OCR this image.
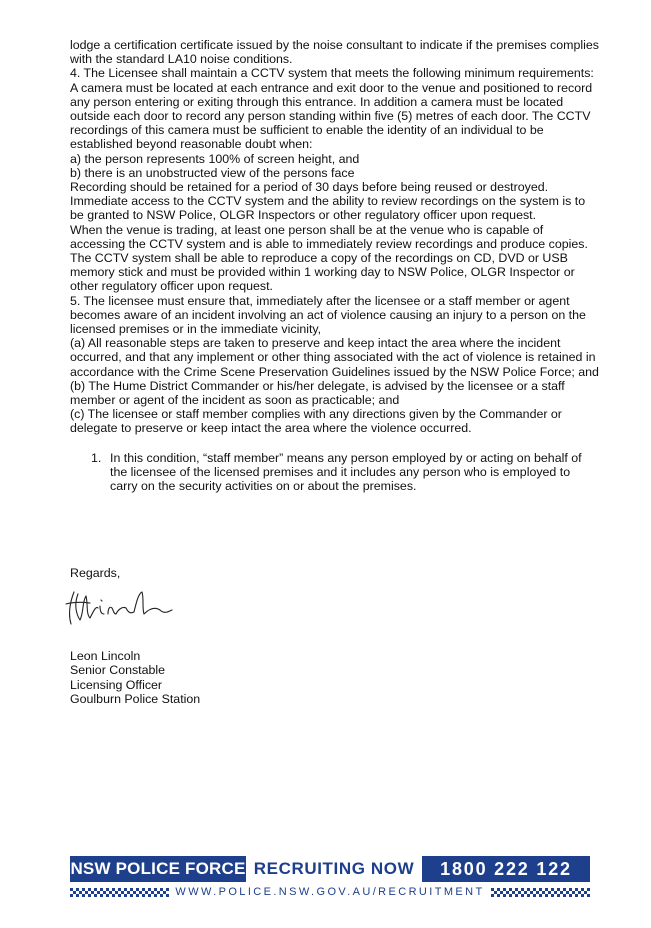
lodge a certification certificate issued by the noise consultant to indicate if the premises complies with the standard LA10 noise conditions.

4. The Licensee shall maintain a CCTV system that meets the following minimum requirements:

A camera must be located at each entrance and exit door to the venue and positioned to record any person entering or exiting through this entrance. In addition a camera must be located outside each door to record any person standing within five (5) metres of each door. The CCTV recordings of this camera must be sufficient to enable the identity of an individual to be established beyond reasonable doubt when:

a) the person represents 100% of screen height, and

b) there is an unobstructed view of the persons face

Recording should be retained for a period of 30 days before being reused or destroyed. Immediate access to the CCTV system and the ability to review recordings on the system is to be granted to NSW Police, OLGR Inspectors or other regulatory officer upon request.

When the venue is trading, at least one person shall be at the venue who is capable of accessing the CCTV system and is able to immediately review recordings and produce copies. The CCTV system shall be able to reproduce a copy of the recordings on CD, DVD or USB memory stick and must be provided within 1 working day to NSW Police, OLGR Inspector or other regulatory officer upon request.

5. The licensee must ensure that, immediately after the licensee or a staff member or agent becomes aware of an incident involving an act of violence causing an injury to a person on the licensed premises or in the immediate vicinity,

(a) All reasonable steps are taken to preserve and keep intact the area where the incident occurred, and that any implement or other thing associated with the act of violence is retained in accordance with the Crime Scene Preservation Guidelines issued by the NSW Police Force; and

(b) The Hume District Commander or his/her delegate, is advised by the licensee or a staff member or agent of the incident as soon as practicable; and

(c) The licensee or staff member complies with any directions given by the Commander or delegate to preserve or keep intact the area where the violence occurred.

1. In this condition, “staff member” means any person employed by or acting on behalf of the licensee of the licensed premises and it includes any person who is employed to carry on the security activities on or about the premises.
Regards,
Leon Lincoln
Senior Constable
Licensing Officer
Goulburn Police Station
NSW POLICE FORCE RECRUITING NOW	1800 222 122
WWW.POLICE.NSW.GOV.AU/RECRUITMENT
